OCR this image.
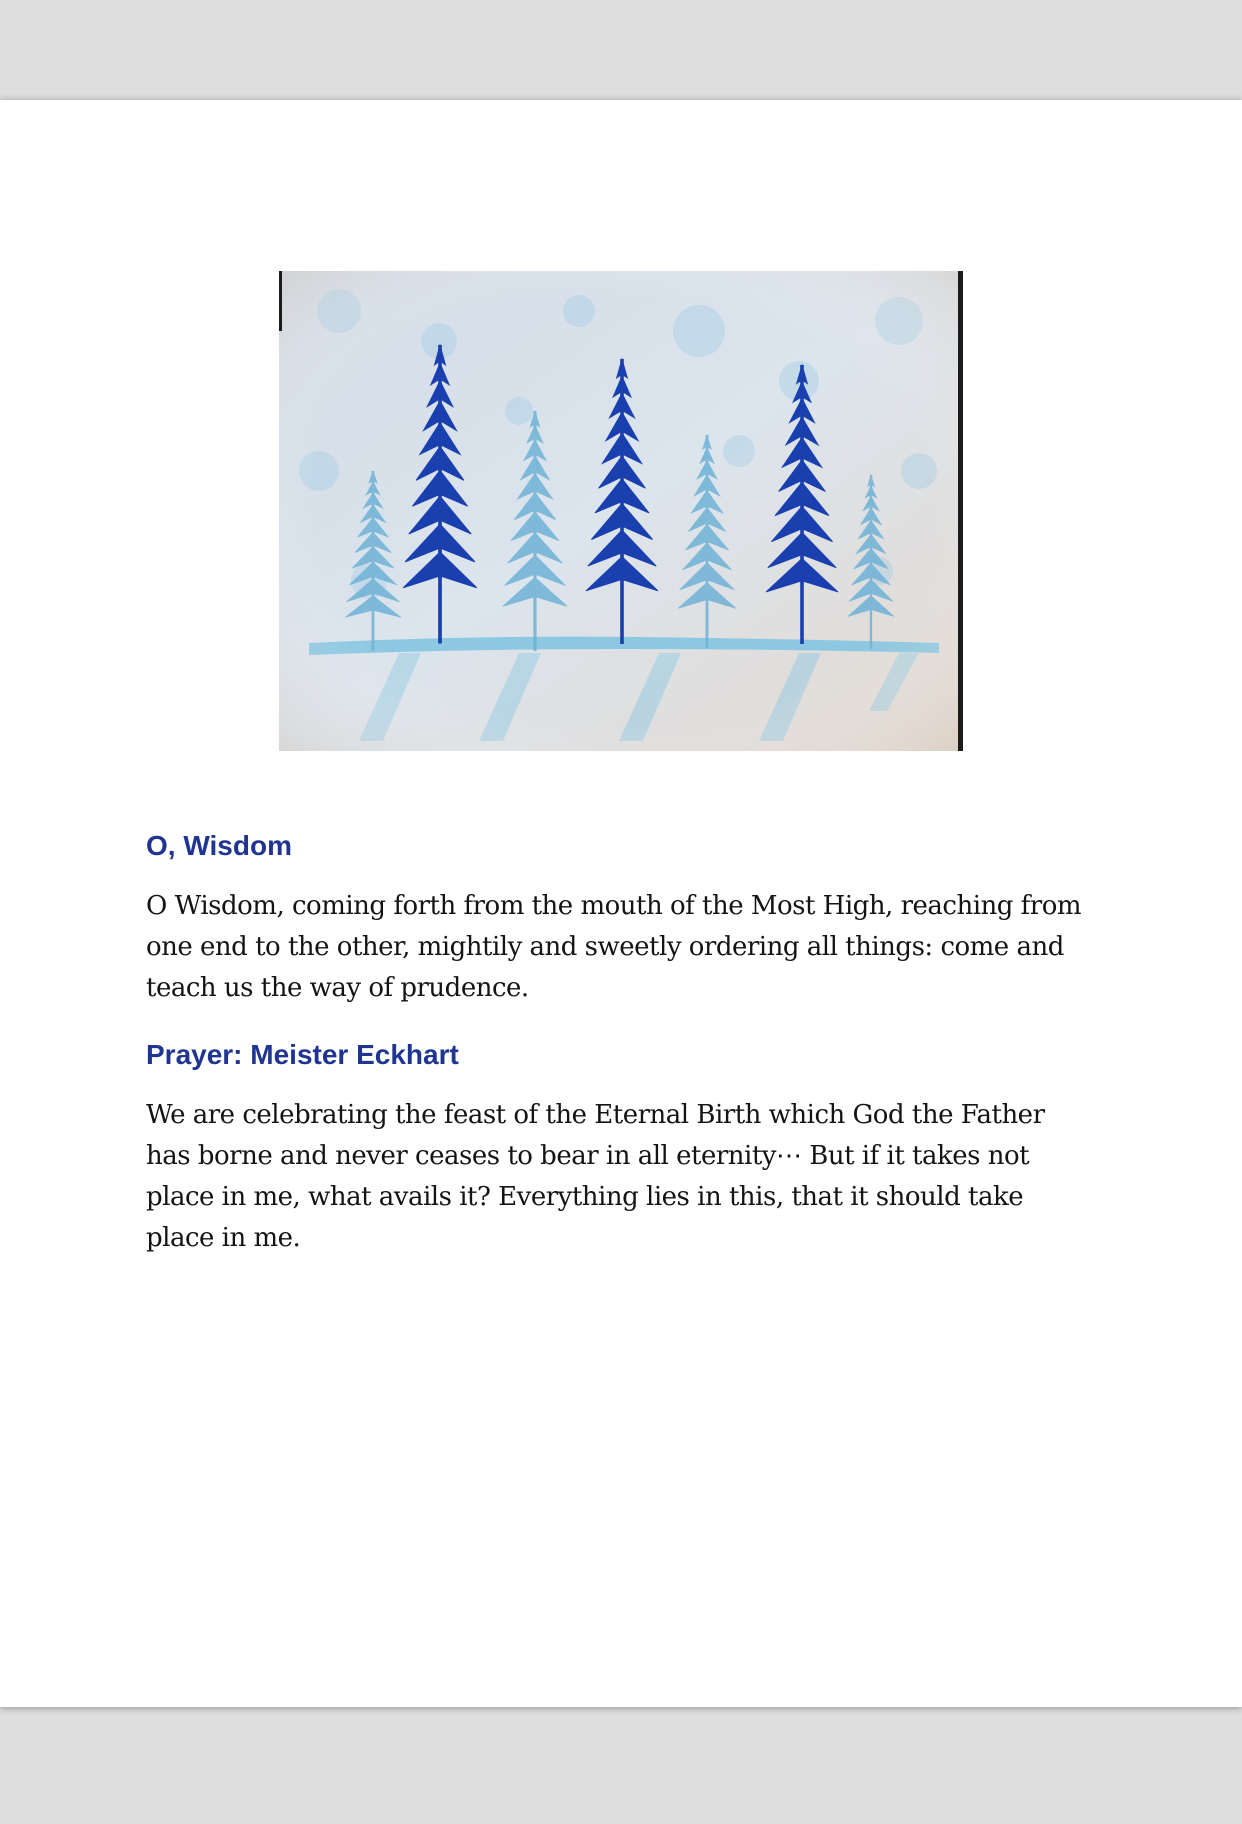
O, Wisdom

O Wisdom, coming forth from the mouth of the Most High, reaching from one end to the other, mightily and sweetly ordering all things: come and teach us the way of prudence.

Prayer: Meister Eckhart

We are celebrating the feast of the Eternal Birth which God the Father has borne and never ceases to bear in all eternity⋯ But if it takes not place in me, what avails it? Everything lies in this, that it should take place in me.
